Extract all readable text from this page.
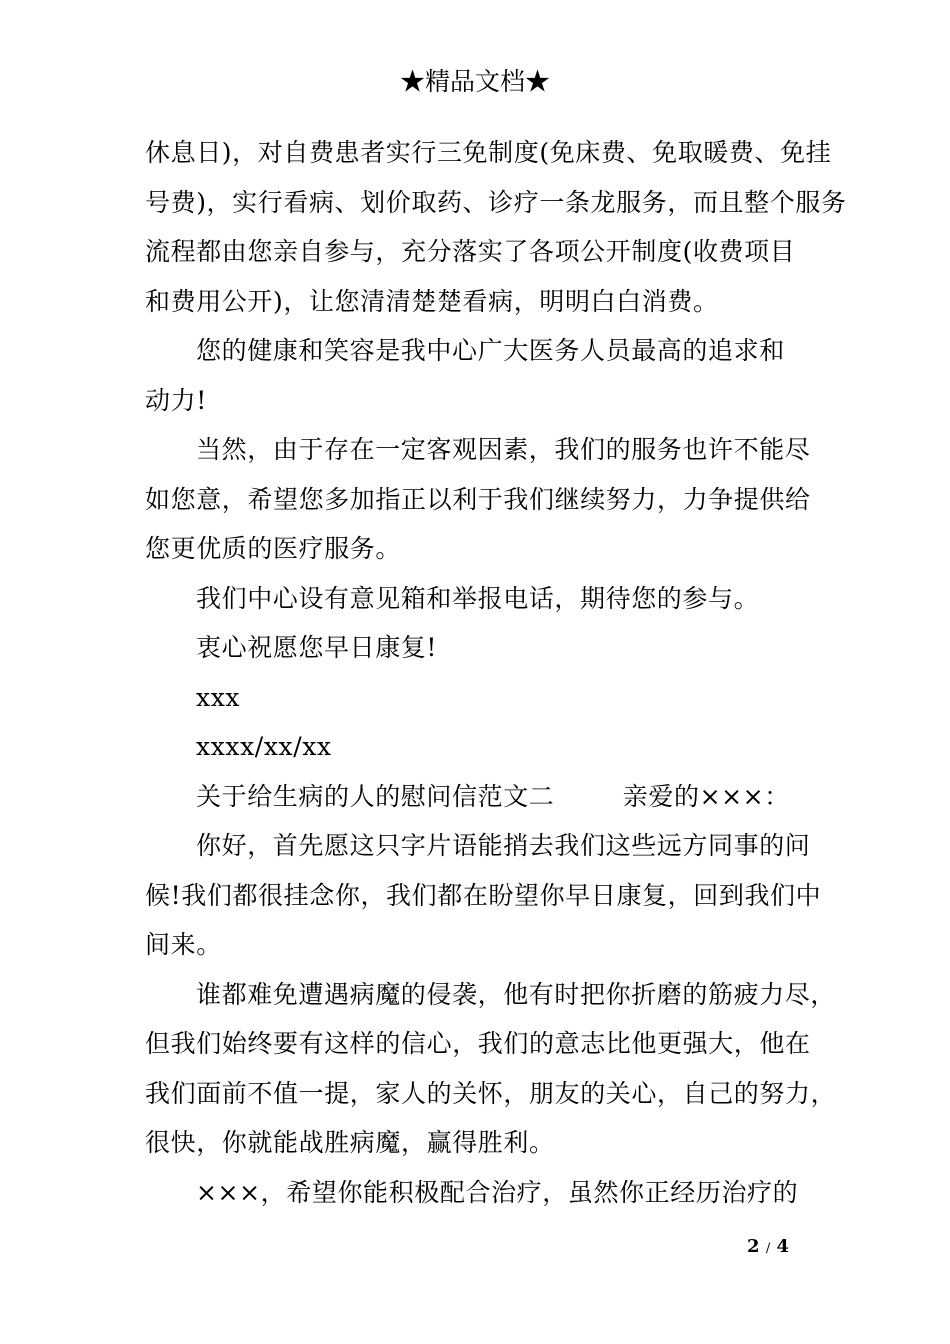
★精品文档★
休息日)，对自费患者实行三免制度(免床费、免取暖费、免挂
号费)，实行看病、划价取药、诊疗一条龙服务，而且整个服务
流程都由您亲自参与，充分落实了各项公开制度(收费项目
和费用公开)，让您清清楚楚看病，明明白白消费。
您的健康和笑容是我中心广大医务人员最高的追求和
动力!
当然，由于存在一定客观因素，我们的服务也许不能尽
如您意，希望您多加指正以利于我们继续努力，力争提供给
您更优质的医疗服务。
我们中心设有意见箱和举报电话，期待您的参与。
衷心祝愿您早日康复!
xxx
xxxx/xx/xx
关于给生病的人的慰问信范文二        亲爱的×××：
你好，首先愿这只字片语能捎去我们这些远方同事的问
候!我们都很挂念你，我们都在盼望你早日康复，回到我们中
间来。
谁都难免遭遇病魔的侵袭，他有时把你折磨的筋疲力尽，
但我们始终要有这样的信心，我们的意志比他更强大，他在
我们面前不值一提，家人的关怀，朋友的关心，自己的努力，
很快，你就能战胜病魔，赢得胜利。
×××，希望你能积极配合治疗，虽然你正经历治疗的
2 / 4
